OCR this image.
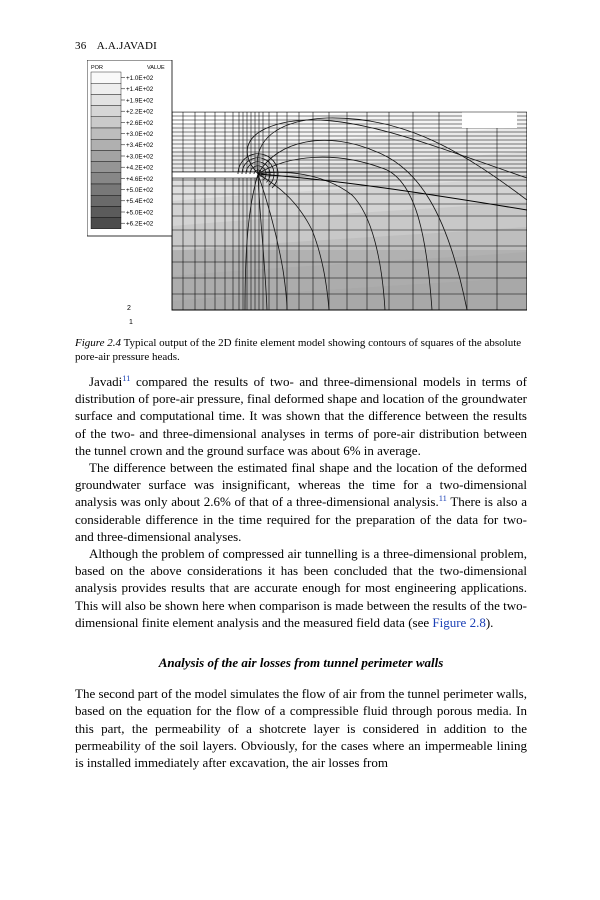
36 A.A.JAVADI
POR	VALUE
+1.0E+02
+1.4E+02
+1.9E+02
+2.2E+02
+2.6E+02
+3.0E+02
+3.4E+02
+3.0E+02
+4.2E+02
+4.6E+02
+5.0E+02
+5.4E+02
+5.0E+02
+6.2E+02
2
1
Figure 2.4 Typical output of the 2D finite element model showing contours of squares of the absolute pore-air pressure heads.

Javadi$^{11}$ compared the results of two- and three-dimensional models in terms of distribution of pore-air pressure, final deformed shape and location of the groundwater surface and computational time. It was shown that the difference between the results of the two- and three-dimensional analyses in terms of pore-air distribution between the tunnel crown and the ground surface was about 6% in average.

The difference between the estimated final shape and the location of the deformed groundwater surface was insignificant, whereas the time for a two-dimensional analysis was only about 2.6% of that of a three-dimensional analysis.$^{11}$ There is also a considerable difference in the time required for the preparation of the data for two- and three-dimensional analyses.

Although the problem of compressed air tunnelling is a three-dimensional problem, based on the above considerations it has been concluded that the two-dimensional analysis provides results that are accurate enough for most engineering applications. This will also be shown here when comparison is made between the results of the two-dimensional finite element analysis and the measured field data (see Figure 2.8).

Analysis of the air losses from tunnel perimeter walls

The second part of the model simulates the flow of air from the tunnel perimeter walls, based on the equation for the flow of a compressible fluid through porous media. In this part, the permeability of a shotcrete layer is considered in addition to the permeability of the soil layers. Obviously, for the cases where an impermeable lining is installed immediately after excavation, the air losses from
